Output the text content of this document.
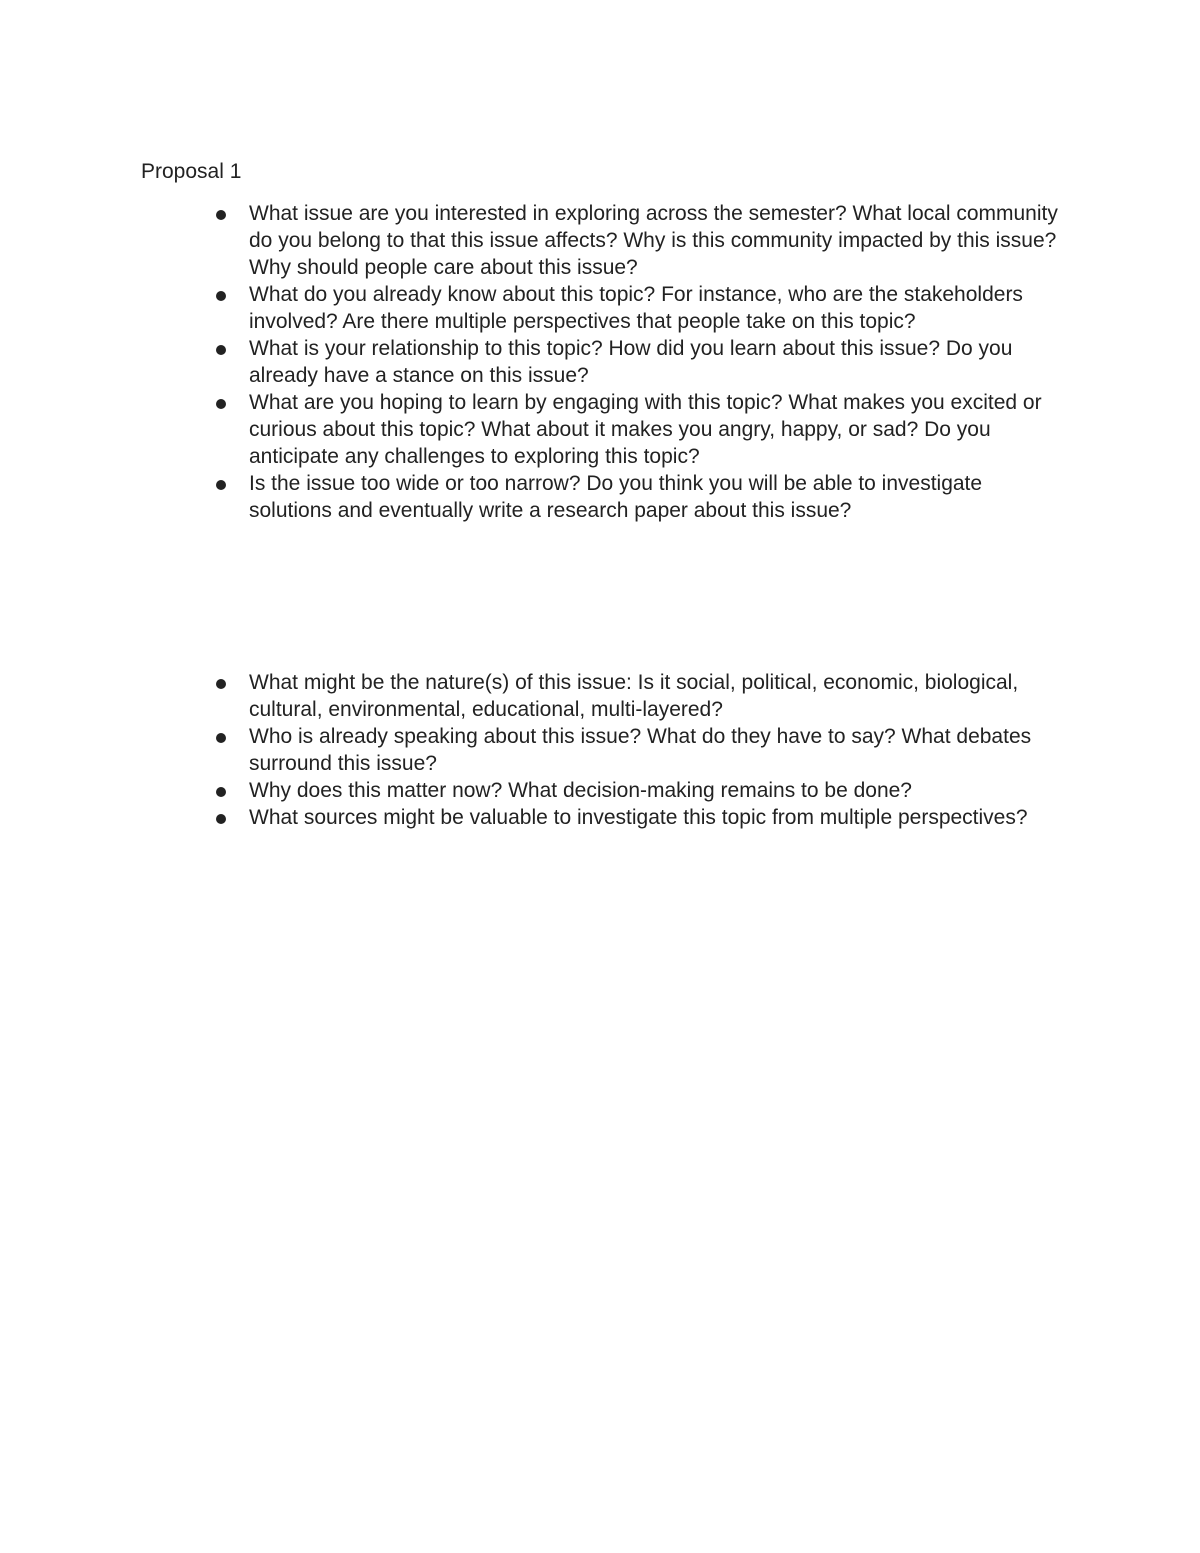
Proposal 1
What issue are you interested in exploring across the semester? What local community do you belong to that this issue affects? Why is this community impacted by this issue? Why should people care about this issue?
What do you already know about this topic? For instance, who are the stakeholders involved? Are there multiple perspectives that people take on this topic?
What is your relationship to this topic? How did you learn about this issue? Do you already have a stance on this issue?
What are you hoping to learn by engaging with this topic? What makes you excited or curious about this topic? What about it makes you angry, happy, or sad? Do you anticipate any challenges to exploring this topic?
Is the issue too wide or too narrow? Do you think you will be able to investigate solutions and eventually write a research paper about this issue?
What might be the nature(s) of this issue: Is it social, political, economic, biological, cultural, environmental, educational, multi-layered?
Who is already speaking about this issue? What do they have to say? What debates surround this issue?
Why does this matter now? What decision-making remains to be done?
What sources might be valuable to investigate this topic from multiple perspectives?
